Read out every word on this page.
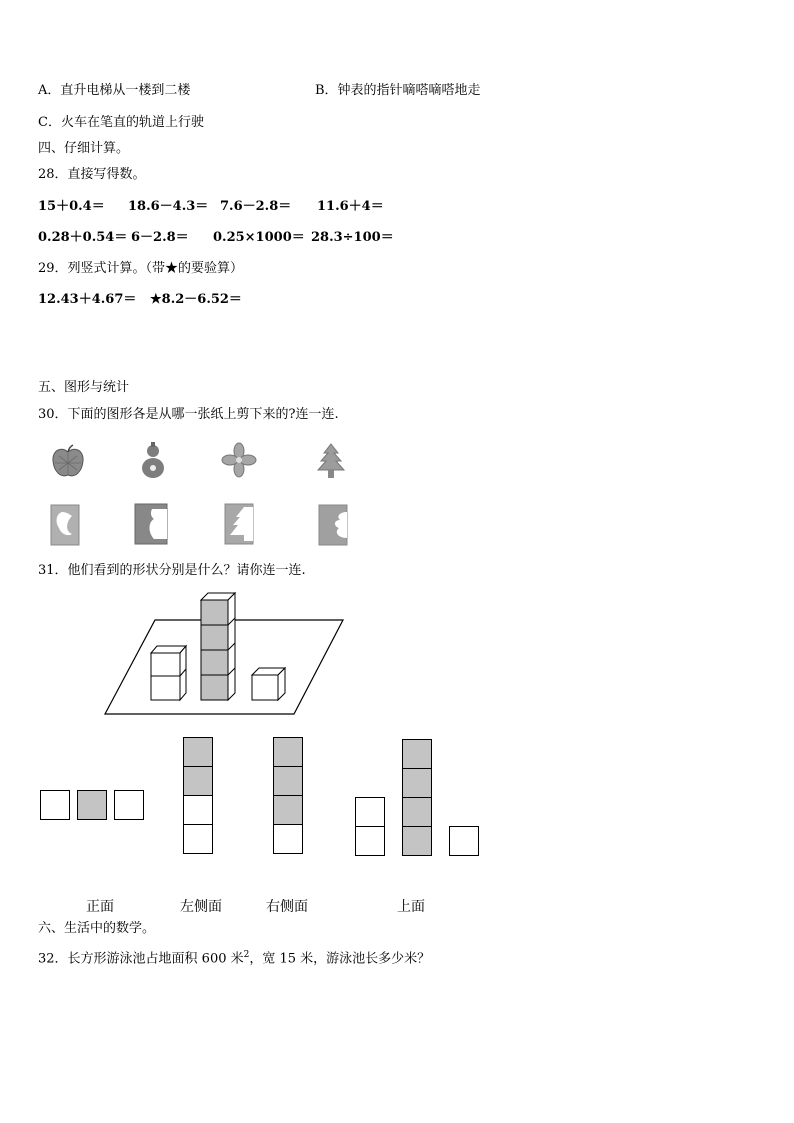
A．直升电梯从一楼到二楼	B．钟表的指针嘀嗒嘀嗒地走
C．火车在笔直的轨道上行驶
四、仔细计算。
28．直接写得数。
15＋0.4＝ 18.6－4.3＝ 7.6－2.8＝ 11.6＋4＝
0.28＋0.54＝ 6－2.8＝ 0.25×1000＝ 28.3÷100＝
29．列竖式计算。（带★的要验算）
12.43＋4.67＝ ★8.2－6.52＝
五、图形与统计
30．下面的图形各是从哪一张纸上剪下来的?连一连.
31．他们看到的形状分别是什么？请你连一连.
正面	左侧面	右侧面	上面
六、生活中的数学。
32．长方形游泳池占地面积 600 米$^2$，宽 15 米，游泳池长多少米？
